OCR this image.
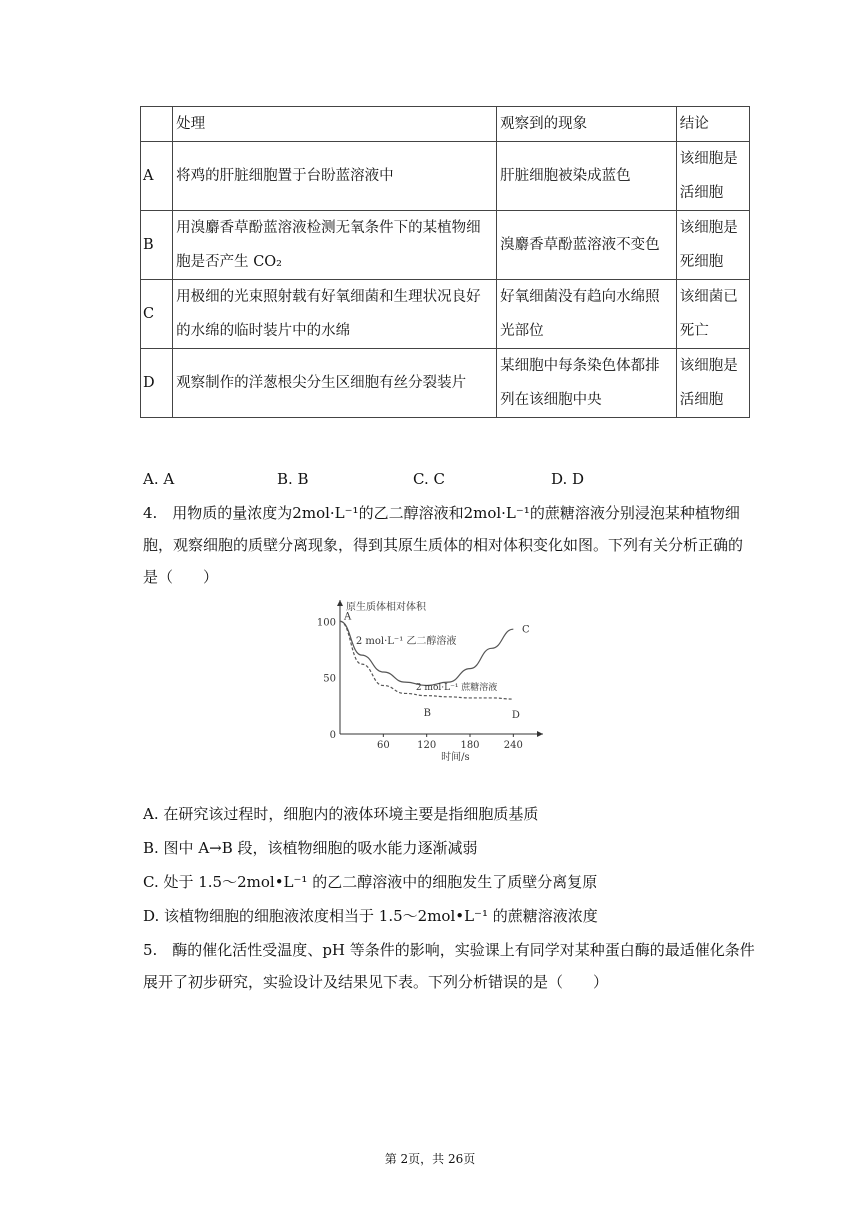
	处理	观察到的现象	结论
A	将鸡的肝脏细胞置于台盼蓝溶液中	肝脏细胞被染成蓝色	该细胞是活细胞
B	用溴麝香草酚蓝溶液检测无氧条件下的某植物细胞是否产生 CO₂	溴麝香草酚蓝溶液不变色	该细胞是死细胞
C	用极细的光束照射载有好氧细菌和生理状况良好的水绵的临时装片中的水绵	好氧细菌没有趋向水绵照光部位	该细菌已死亡
D	观察制作的洋葱根尖分生区细胞有丝分裂装片	某细胞中每条染色体都排列在该细胞中央	该细胞是活细胞
A. A	B. B	C. C	D. D
4.　用物质的量浓度为2mol·L⁻¹的乙二醇溶液和2mol·L⁻¹的蔗糖溶液分别浸泡某种植物细胞，观察细胞的质壁分离现象，得到其原生质体的相对体积变化如图。下列有关分析正确的是（　　）
原生质体相对体积
时间/s
60	120 180 240
0
50
100
2 mol·L⁻¹ 乙二醇溶液
2 mol·L⁻¹ 蔗糖溶液
A
B
C
D
A. 在研究该过程时，细胞内的液体环境主要是指细胞质基质
B. 图中 A→B 段，该植物细胞的吸水能力逐渐减弱
C. 处于 1.5～2mol•L⁻¹ 的乙二醇溶液中的细胞发生了质壁分离复原
D. 该植物细胞的细胞液浓度相当于 1.5～2mol•L⁻¹ 的蔗糖溶液浓度
5.　酶的催化活性受温度、pH 等条件的影响，实验课上有同学对某种蛋白酶的最适催化条件展开了初步研究，实验设计及结果见下表。下列分析错误的是（　　）
第 2页，共 26页
